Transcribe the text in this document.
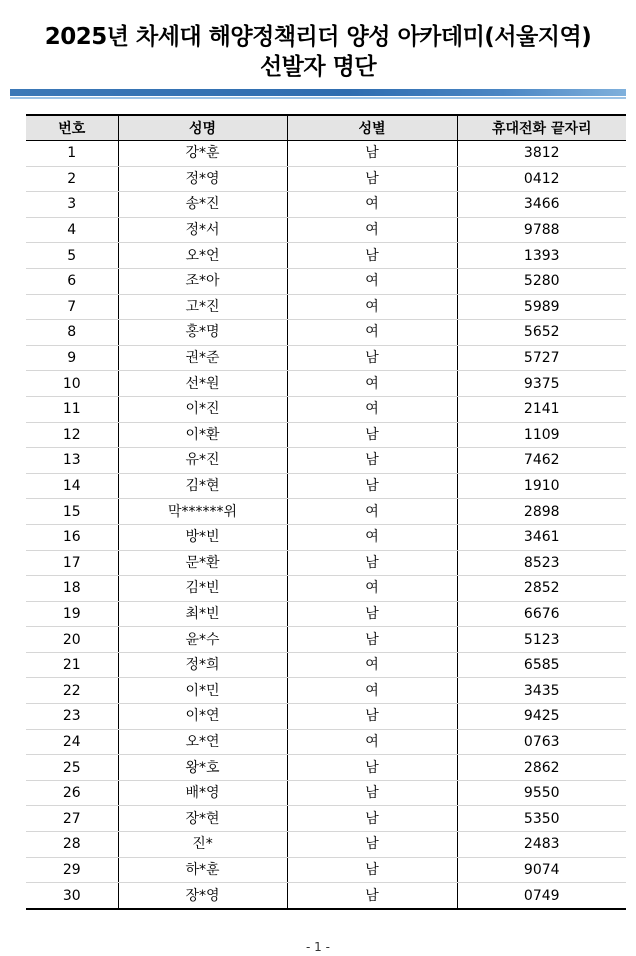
2025년 차세대 해양정책리더 양성 아카데미(서울지역)
선발자 명단
번호	성명	성별	휴대전화 끝자리
1	강*훈	남	3812
2	정*영	남	0412
3	송*진	여	3466
4	정*서	여	9788
5	오*언	남	1393
6	조*아	여	5280
7	고*진	여	5989
8	홍*명	여	5652
9	권*준	남	5727
10	선*원	여	9375
11	이*진	여	2141
12	이*환	남	1109
13	유*진	남	7462
14	김*현	남	1910
15	막******위	여	2898
16	방*빈	여	3461
17	문*환	남	8523
18	김*빈	여	2852
19	최*빈	남	6676
20	윤*수	남	5123
21	정*희	여	6585
22	이*민	여	3435
23	이*연	남	9425
24	오*연	여	0763
25	왕*호	남	2862
26	배*영	남	9550
27	장*현	남	5350
28	진*	남	2483
29	하*훈	남	9074
30	장*영	남	0749
- 1 -
